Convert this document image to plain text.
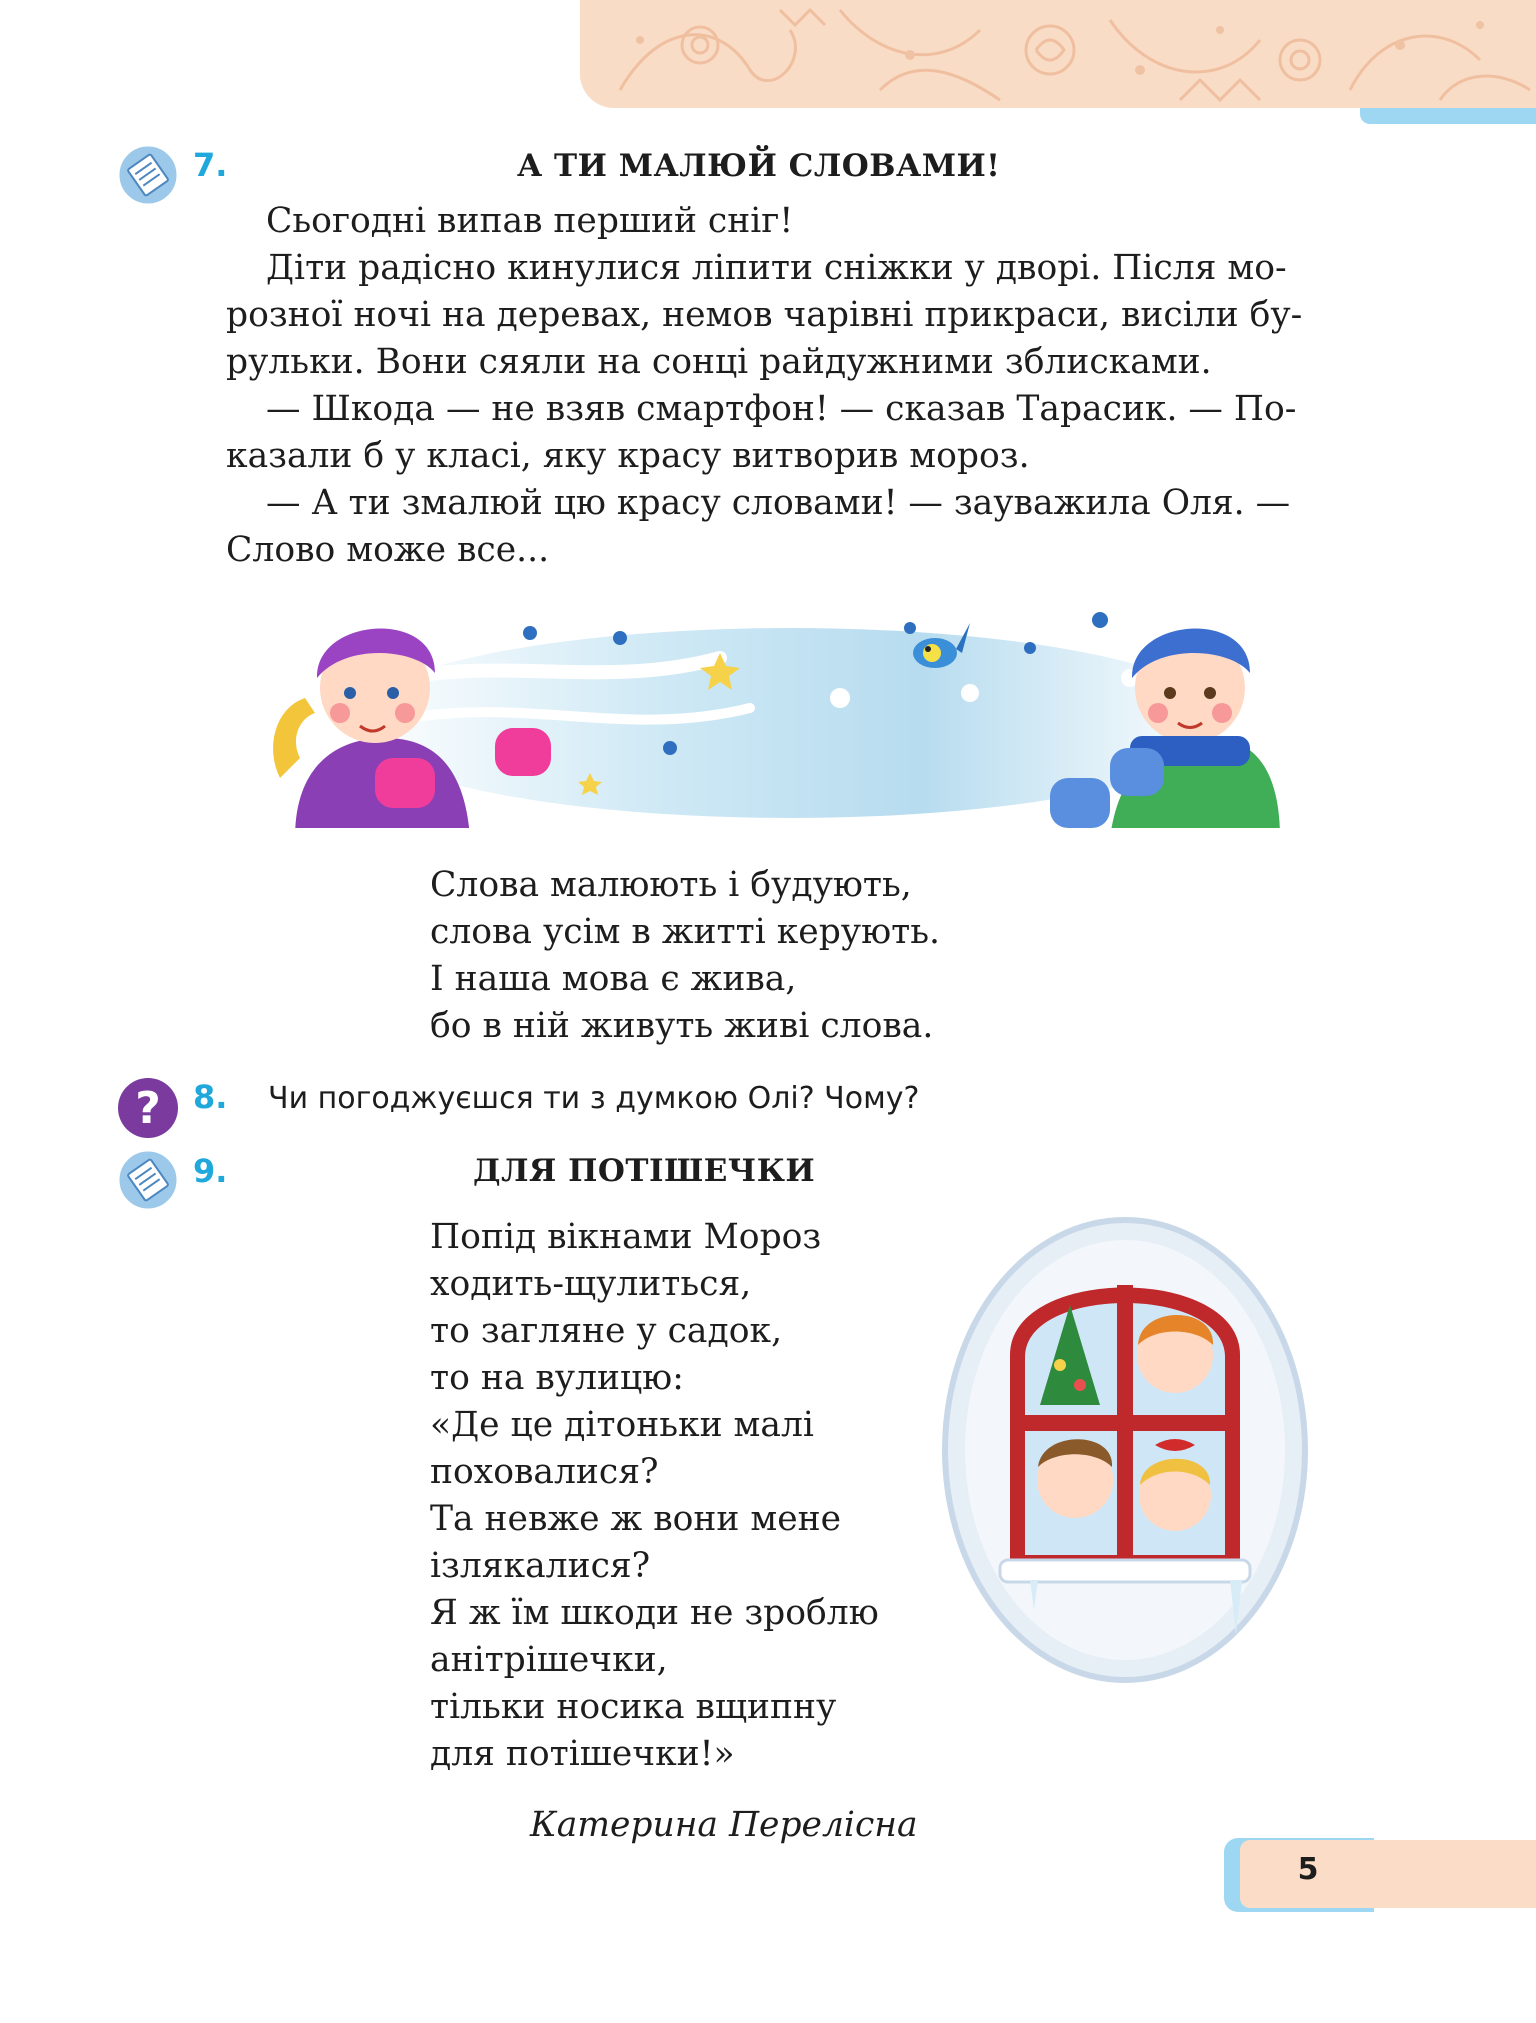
7.	А ТИ МАЛЮЙ СЛОВАМИ!

Сьогодні випав перший сніг!

Діти радісно кинулися ліпити сніжки у дворі. Після мо-

розної ночі на деревах, немов чарівні прикраси, висіли бу-

рульки. Вони сяяли на сонці райдужними зблисками.

— Шкода — не взяв смартфон! — сказав Тарасик. — По-

казали б у класі, яку красу витворив мороз.

— А ти змалюй цю красу словами! — зауважила Оля. —

Слово може все...

Слова малюють і будують,
слова усім в житті керують.
І наша мова є жива,
бо в ній живуть живі слова.
? 8. Чи погоджуєшся ти з думкою Олі? Чому?
9.	ДЛЯ ПОТІШЕЧКИ
Попід вікнами Мороз
ходить-щулиться,
то загляне у садок,
то на вулицю:
«Де це дітоньки малі
поховалися?
Та невже ж вони мене
ізлякалися?
Я ж їм шкоди не зроблю
анітрішечки,
тільки носика вщипну
для потішечки!»
Катерина Перелісна
5
